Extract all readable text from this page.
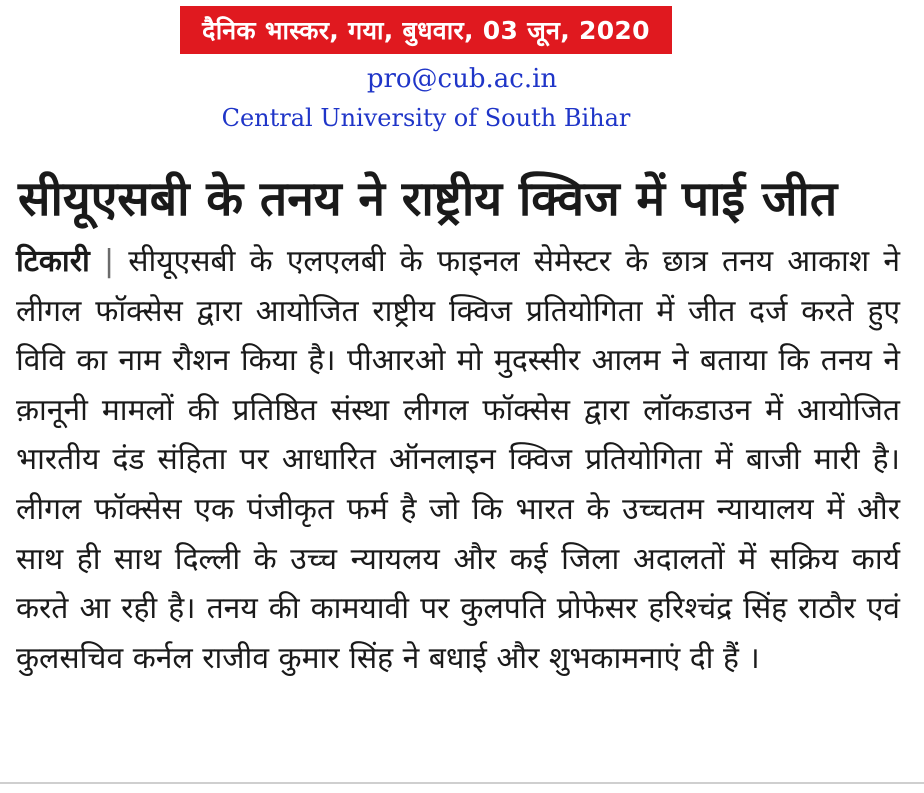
दैनिक भास्कर, गया, बुधवार, 03 जून, 2020
pro@cub.ac.in
Central University of South Bihar
सीयूएसबी के तनय ने राष्ट्रीय क्विज में पाई जीत

टिकारी | सीयूएसबी के एलएलबी के फाइनल सेमेस्टर के छात्र तनय आकाश ने लीगल फॉक्सेस द्वारा आयोजित राष्ट्रीय क्विज प्रतियोगिता में जीत दर्ज करते हुए विवि का नाम रौशन किया है। पीआरओ मो मुदस्सीर आलम ने बताया कि तनय ने क़ानूनी मामलों की प्रतिष्ठित संस्था लीगल फॉक्सेस द्वारा लॉकडाउन में आयोजित भारतीय दंड संहिता पर आधारित ऑनलाइन क्विज प्रतियोगिता में बाजी मारी है। लीगल फॉक्सेस एक पंजीकृत फर्म है जो कि भारत के उच्चतम न्यायालय में और साथ ही साथ दिल्ली के उच्च न्यायलय और कई जिला अदालतों में सक्रिय कार्य करते आ रही है। तनय की कामयावी पर कुलपति प्रोफेसर हरिश्चंद्र सिंह राठौर एवं कुलसचिव कर्नल राजीव कुमार सिंह ने बधाई और शुभकामनाएं दी हैं ।
